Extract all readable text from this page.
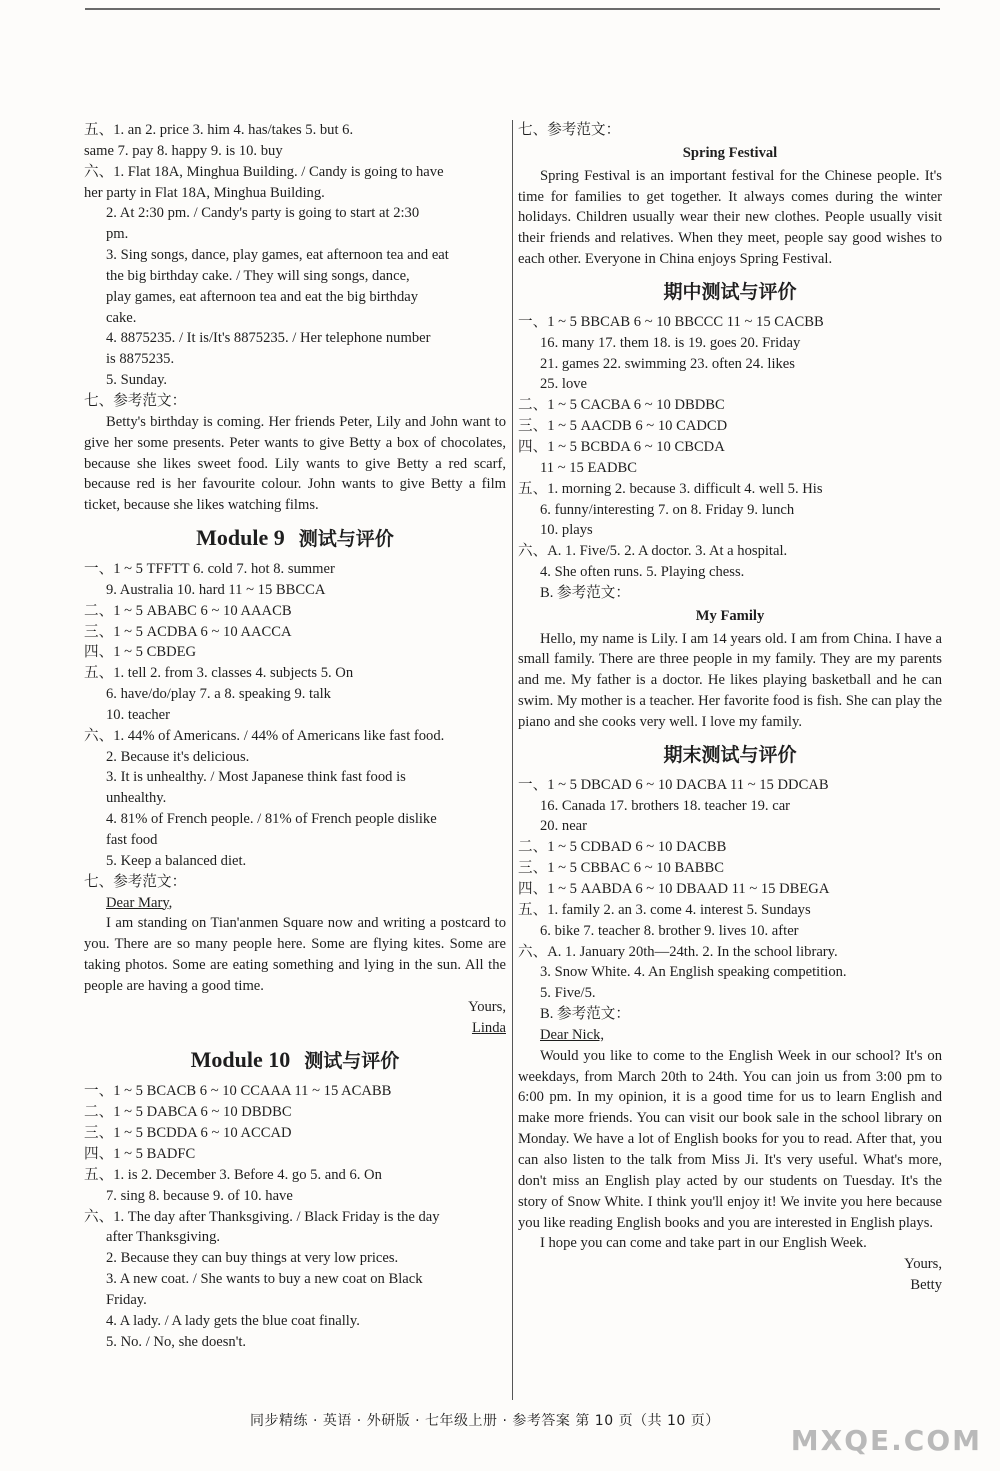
五、1. an 2. price 3. him 4. has/takes 5. but 6.
same 7. pay 8. happy 9. is 10. buy
六、1. Flat 18A, Minghua Building. / Candy is going to have
her party in Flat 18A, Minghua Building.
2. At 2:30 pm. / Candy's party is going to start at 2:30
pm.
3. Sing songs, dance, play games, eat afternoon tea and eat
the big birthday cake. / They will sing songs, dance,
play games, eat afternoon tea and eat the big birthday
cake.
4. 8875235. / It is/It's 8875235. / Her telephone number
is 8875235.
5. Sunday.
七、参考范文：
Betty's birthday is coming. Her friends Peter, Lily and John want to give her some presents. Peter wants to give Betty a box of chocolates, because she likes sweet food. Lily wants to give Betty a red scarf, because red is her favourite colour. John wants to give Betty a film ticket, because she likes watching films.
Module 9 测试与评价
一、1 ~ 5 TFFTT 6. cold 7. hot 8. summer
9. Australia 10. hard 11 ~ 15 BBCCA
二、1 ~ 5 ABABC 6 ~ 10 AAACB
三、1 ~ 5 ACDBA 6 ~ 10 AACCA
四、1 ~ 5 CBDEG
五、1. tell 2. from 3. classes 4. subjects 5. On
6. have/do/play 7. a 8. speaking 9. talk
10. teacher
六、1. 44% of Americans. / 44% of Americans like fast food.
2. Because it's delicious.
3. It is unhealthy. / Most Japanese think fast food is
unhealthy.
4. 81% of French people. / 81% of French people dislike
fast food
5. Keep a balanced diet.
七、参考范文：
Dear Mary,
I am standing on Tian'anmen Square now and writing a postcard to you. There are so many people here. Some are flying kites. Some are taking photos. Some are eating something and lying in the sun. All the people are having a good time.
Yours,
Linda
Module 10 测试与评价
一、1 ~ 5 BCACB 6 ~ 10 CCAAA 11 ~ 15 ACABB
二、1 ~ 5 DABCA 6 ~ 10 DBDBC
三、1 ~ 5 BCDDA 6 ~ 10 ACCAD
四、1 ~ 5 BADFC
五、1. is 2. December 3. Before 4. go 5. and 6. On
7. sing 8. because 9. of 10. have
六、1. The day after Thanksgiving. / Black Friday is the day
after Thanksgiving.
2. Because they can buy things at very low prices.
3. A new coat. / She wants to buy a new coat on Black
Friday.
4. A lady. / A lady gets the blue coat finally.
5. No. / No, she doesn't.
七、参考范文：
Spring Festival
Spring Festival is an important festival for the Chinese people. It's time for families to get together. It always comes during the winter holidays. Children usually wear their new clothes. People usually visit their friends and relatives. When they meet, people say good wishes to each other. Everyone in China enjoys Spring Festival.
期中测试与评价
一、1 ~ 5 BBCAB 6 ~ 10 BBCCC 11 ~ 15 CACBB
16. many 17. them 18. is 19. goes 20. Friday
21. games 22. swimming 23. often 24. likes
25. love
二、1 ~ 5 CACBA 6 ~ 10 DBDBC
三、1 ~ 5 AACDB 6 ~ 10 CADCD
四、1 ~ 5 BCBDA 6 ~ 10 CBCDA
11 ~ 15 EADBC
五、1. morning 2. because 3. difficult 4. well 5. His
6. funny/interesting 7. on 8. Friday 9. lunch
10. plays
六、A. 1. Five/5. 2. A doctor. 3. At a hospital.
4. She often runs. 5. Playing chess.
B. 参考范文：
My Family
Hello, my name is Lily. I am 14 years old. I am from China. I have a small family. There are three people in my family. They are my parents and me. My father is a doctor. He likes playing basketball and he can swim. My mother is a teacher. Her favorite food is fish. She can play the piano and she cooks very well. I love my family.
期末测试与评价
一、1 ~ 5 DBCAD 6 ~ 10 DACBA 11 ~ 15 DDCAB
16. Canada 17. brothers 18. teacher 19. car
20. near
二、1 ~ 5 CDBAD 6 ~ 10 DACBB
三、1 ~ 5 CBBAC 6 ~ 10 BABBC
四、1 ~ 5 AABDA 6 ~ 10 DBAAD 11 ~ 15 DBEGA
五、1. family 2. an 3. come 4. interest 5. Sundays
6. bike 7. teacher 8. brother 9. lives 10. after
六、A. 1. January 20th—24th. 2. In the school library.
3. Snow White. 4. An English speaking competition.
5. Five/5.
B. 参考范文：
Dear Nick,
Would you like to come to the English Week in our school? It's on weekdays, from March 20th to 24th. You can join us from 3:00 pm to 6:00 pm. In my opinion, it is a good time for us to learn English and make more friends. You can visit our book sale in the school library on Monday. We have a lot of English books for you to read. After that, you can also listen to the talk from Miss Ji. It's very useful. What's more, don't miss an English play acted by our students on Tuesday. It's the story of Snow White. I think you'll enjoy it! We invite you here because you like reading English books and you are interested in English plays.
I hope you can come and take part in our English Week.
Yours,
Betty
同步精练 · 英语 · 外研版 · 七年级上册 · 参考答案 第 10 页（共 10 页）
MXQE.COM
